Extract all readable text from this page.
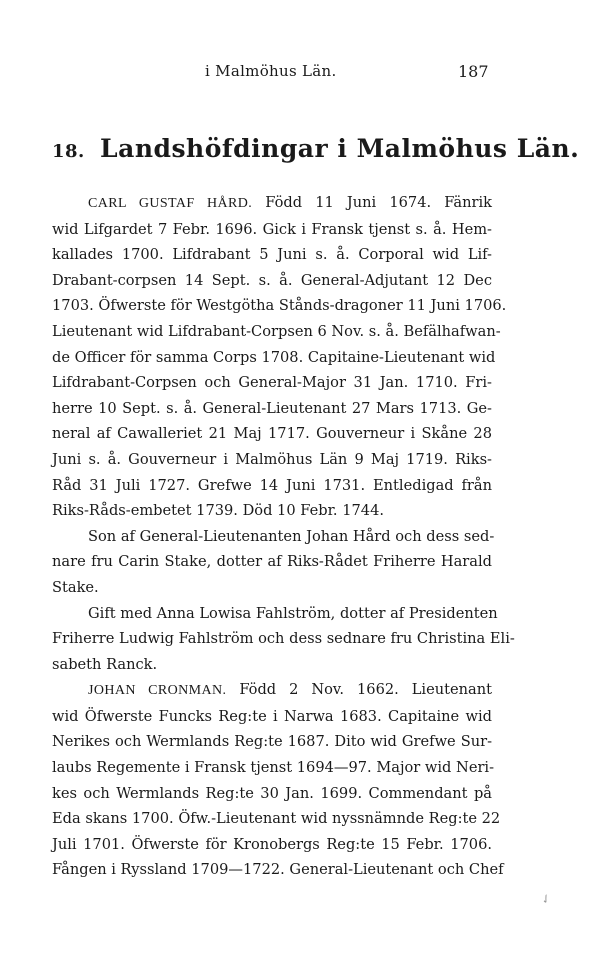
i Malmöhus Län.	187
18. Landshöfdingar i Malmöhus Län.
CARL GUSTAF HÅRD. Född 11 Juni 1674. Fänrik
wid Lifgardet 7 Febr. 1696. Gick i Fransk tjenst s. å. Hem-
kallades 1700. Lifdrabant 5 Juni s. å. Corporal wid Lif-
Drabant-corpsen 14 Sept. s. å. General-Adjutant 12 Dec
1703. Öfwerste för Westgötha Stånds-dragoner 11 Juni 1706.
Lieutenant wid Lifdrabant-Corpsen 6 Nov. s. å. Befälhafwan-
de Officer för samma Corps 1708. Capitaine-Lieutenant wid
Lifdrabant-Corpsen och General-Major 31 Jan. 1710. Fri-
herre 10 Sept. s. å. General-Lieutenant 27 Mars 1713. Ge-
neral af Cawalleriet 21 Maj 1717. Gouverneur i Skåne 28
Juni s. å. Gouverneur i Malmöhus Län 9 Maj 1719. Riks-
Råd 31 Juli 1727. Grefwe 14 Juni 1731. Entledigad från
Riks-Råds-embetet 1739. Död 10 Febr. 1744.
Son af General-Lieutenanten Johan Hård och dess sed-
nare fru Carin Stake, dotter af Riks-Rådet Friherre Harald
Stake.
Gift med Anna Lowisa Fahlström, dotter af Presidenten
Friherre Ludwig Fahlström och dess sednare fru Christina Eli-
sabeth Ranck.
JOHAN CRONMAN. Född 2 Nov. 1662. Lieutenant
wid Öfwerste Funcks Reg:te i Narwa 1683. Capitaine wid
Nerikes och Wermlands Reg:te 1687. Dito wid Grefwe Sur-
laubs Regemente i Fransk tjenst 1694—97. Major wid Neri-
kes och Wermlands Reg:te 30 Jan. 1699. Commendant på
Eda skans 1700. Öfw.-Lieutenant wid nyssnämnde Reg:te 22
Juli 1701. Öfwerste för Kronobergs Reg:te 15 Febr. 1706.
Fången i Ryssland 1709—1722. General-Lieutenant och Chef
✓
